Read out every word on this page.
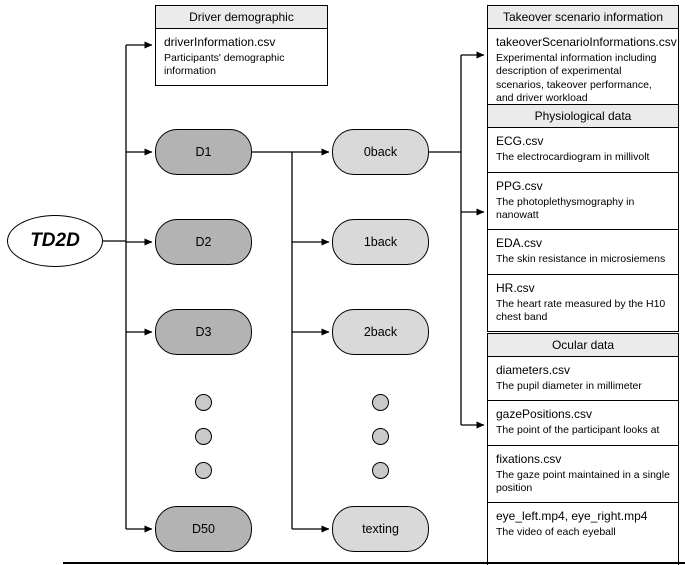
TD2D
Driver demographic
driverInformation.csv
Participants' demographic information
D1
D2
D3
D50
0back
1back
2back
texting
Takeover scenario information
takeoverScenarioInformations.csv
Experimental information including description of experimental scenarios, takeover performance, and driver workload
Physiological data
ECG.csv
The electrocardiogram in millivolt
PPG.csv
The photoplethysmography in nanowatt
EDA.csv
The skin resistance in microsiemens
HR.csv
The heart rate measured by the H10 chest band
Ocular data
diameters.csv
The pupil diameter in millimeter
gazePositions.csv
The point of the participant looks at
fixations.csv
The gaze point maintained in a single position
eye_left.mp4, eye_right.mp4
The video of each eyeball
